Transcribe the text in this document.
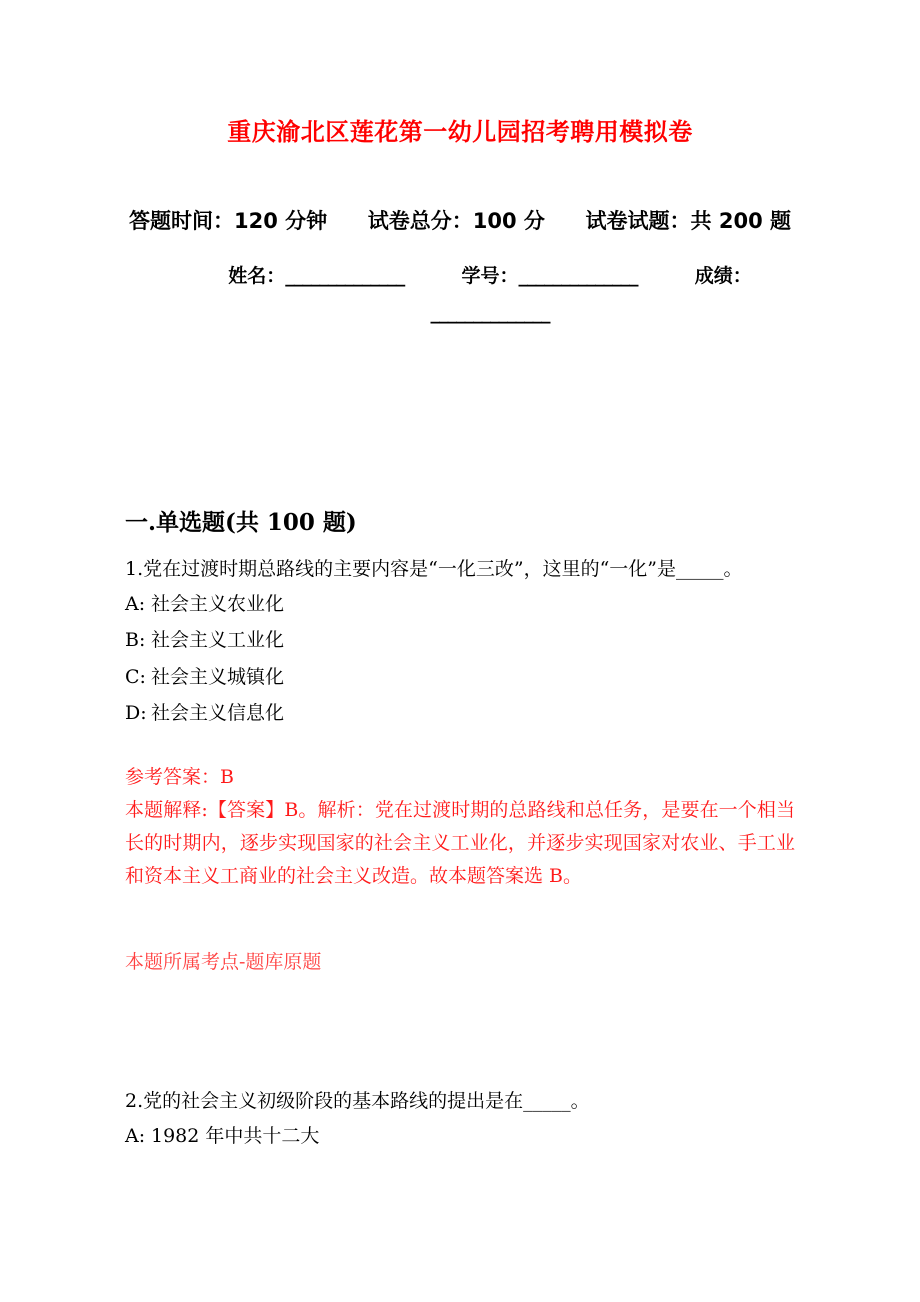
重庆渝北区莲花第一幼儿园招考聘用模拟卷

答题时间：120 分钟 试卷总分：100 分 试卷试题：共 200 题

姓名：______________	学号：______________	成绩：______________

一.单选题(共 100 题)

1.党在过渡时期总路线的主要内容是“一化三改”，这里的“一化”是_____。

A: 社会主义农业化

B: 社会主义工业化

C: 社会主义城镇化

D: 社会主义信息化

参考答案：B

本题解释:【答案】B。解析：党在过渡时期的总路线和总任务，是要在一个相当长的时期内，逐步实现国家的社会主义工业化，并逐步实现国家对农业、手工业和资本主义工商业的社会主义改造。故本题答案选 B。

本题所属考点-题库原题

2.党的社会主义初级阶段的基本路线的提出是在_____。

A: 1982 年中共十二大
